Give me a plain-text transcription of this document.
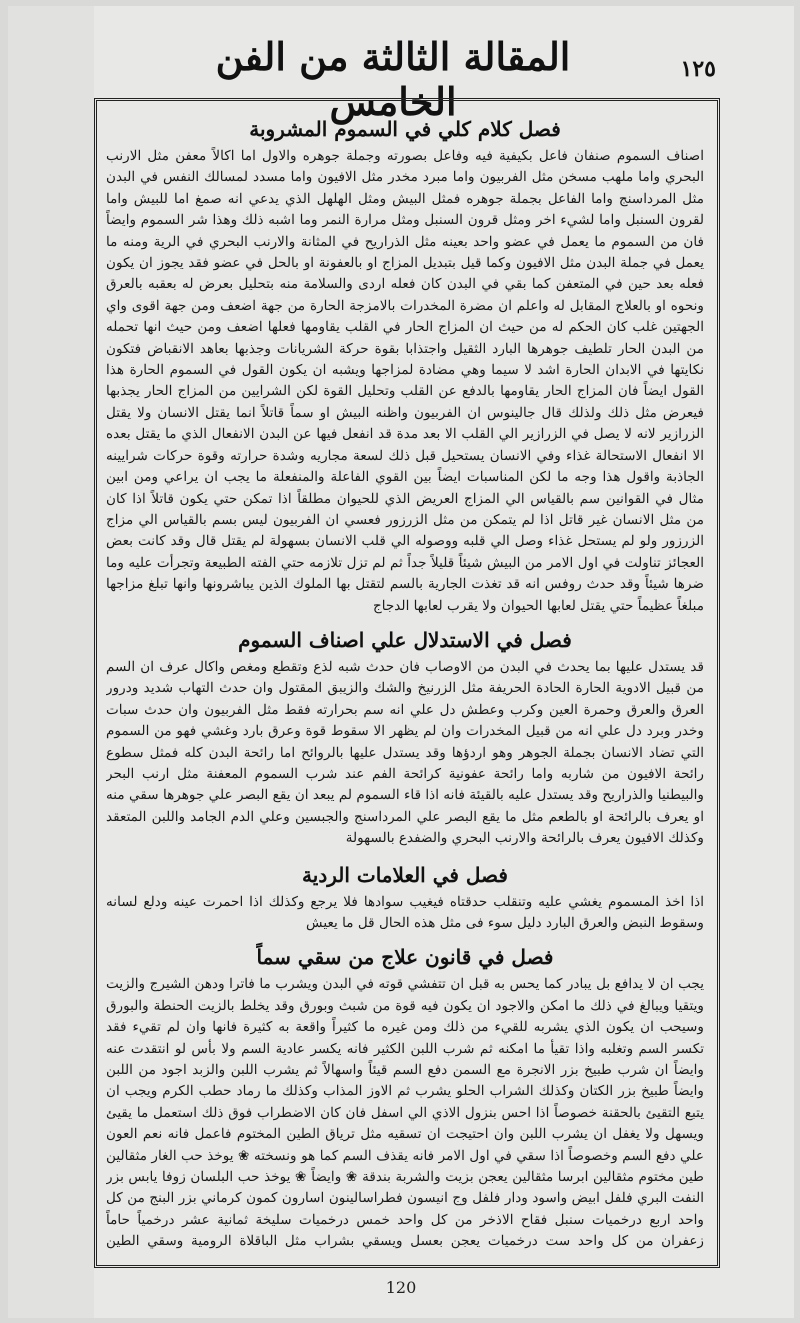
المقالة الثالثة من الفن الخامس
١٢٥
فصل كلام كلي في السموم المشروبة

اصناف السموم صنفان فاعل بكيفية فيه وفاعل بصورته وجملة جوهره والاول اما اكالاً معفن مثل الارنب البحري واما ملهب مسخن مثل الفربيون واما مبرد مخدر مثل الافيون واما مسدد لمسالك النفس في البدن مثل المرداسنج واما الفاعل بجملة جوهره فمثل البيش ومثل الهلهل الذي يدعي انه صمغ اما للبيش واما لقرون السنبل واما لشيء اخر ومثل قرون السنبل ومثل مرارة النمر وما اشبه ذلك وهذا شر السموم وايضاً فان من السموم ما يعمل في عضو واحد بعينه مثل الذراريح في المثانة والارنب البحري في الرية ومنه ما يعمل في جملة البدن مثل الافيون وكما قيل بتبديل المزاج او بالعفونة او بالحل في عضو فقد يجوز ان يكون فعله بعد حين في المتعفن كما بقي في البدن كان فعله اردى والسلامة منه بتحليل بعرض له بعقبه بالعرق ونحوه او بالعلاج المقابل له واعلم ان مضرة المخدرات بالامزجة الحارة من جهة اضعف ومن جهة اقوى واي الجهتين غلب كان الحكم له من حيث ان المزاج الحار في القلب يقاومها فعلها اضعف ومن حيث انها تحمله من البدن الحار تلطيف جوهرها البارد الثقيل واجتذابا بقوة حركة الشريانات وجذبها بعاهد الانقباض فتكون نكايتها في الابدان الحارة اشد لا سيما وهي مضادة لمزاجها ويشبه ان يكون القول في السموم الحارة هذا القول ايضاً فان المزاج الحار يقاومها بالدفع عن القلب وتحليل القوة لكن الشرايين من المزاج الحار يجذبها فيعرض مثل ذلك ولذلك قال جالينوس ان الفربيون واظنه البيش او سماً قاتلاً انما يقتل الانسان ولا يقتل الزرازير لانه لا يصل في الزرازير الي القلب الا بعد مدة قد انفعل فيها عن البدن الانفعال الذي ما يقتل بعده الا انفعال الاستحالة غذاء وفي الانسان يستحيل قبل ذلك لسعة مجاريه وشدة حرارته وقوة حركات شرايينه الجاذبة واقول هذا وجه ما لكن المناسبات ايضاً بين القوي الفاعلة والمنفعلة ما يجب ان يراعي ومن ابين مثال في القوانين سم بالقياس الي المزاج العريض الذي للحيوان مطلقاً اذا تمكن حتي يكون قاتلاً اذا كان من مثل الانسان غير قاتل اذا لم يتمكن من مثل الزرزور فعسي ان الفربيون ليس بسم بالقياس الي مزاج الزرزور ولو لم يستحل غذاء وصل الي قلبه ووصوله الي قلب الانسان بسهولة لم يقتل قال وقد كانت بعض العجائز تناولت في اول الامر من البيش شيئاً قليلاً جداً ثم لم تزل تلازمه حتي الفته الطبيعة وتجرأت عليه وما ضرها شيئاً وقد حدث روفس انه قد تغذت الجارية بالسم لتقتل بها الملوك الذين يباشرونها وانها تبلغ مزاجها مبلغاً عظيماً حتي يقتل لعابها الحيوان ولا يقرب لعابها الدجاج

فصل في الاستدلال علي اصناف السموم

قد يستدل عليها بما يحدث في البدن من الاوصاب فان حدث شبه لذع وتقطع ومغص واكال عرف ان السم من قبيل الادوية الحارة الحادة الحريفة مثل الزرنيخ والشك والزيبق المقتول وان حدث التهاب شديد ودرور العرق والعرق وحمرة العين وكرب وعطش دل علي انه سم بحرارته فقط مثل الفربيون وان حدث سبات وخدر وبرد دل علي انه من قبيل المخدرات وان لم يظهر الا سقوط قوة وعرق بارد وغشي فهو من السموم التي تضاد الانسان بجملة الجوهر وهو اردؤها وقد يستدل عليها بالروائح اما رائحة البدن كله فمثل سطوع رائحة الافيون من شاربه واما رائحة عفونية كرائحة الفم عند شرب السموم المعفنة مثل ارنب البحر والبيطنيا والذراريح وقد يستدل عليه بالقيئة فانه اذا قاء السموم لم يبعد ان يقع البصر علي جوهرها سقي منه او يعرف بالرائحة او بالطعم مثل ما يقع البصر علي المرداسنج والجبسين وعلي الدم الجامد واللبن المتعقد وكذلك الافيون يعرف بالرائحة والارنب البحري والضفدع بالسهولة

فصل في العلامات الردية

اذا اخذ المسموم يغشي عليه وتنقلب حدقتاه فيغيب سوادها فلا يرجع وكذلك اذا احمرت عينه ودلع لسانه وسقوط النبض والعرق البارد دليل سوء فى مثل هذه الحال قل ما يعيش

فصل في قانون علاج من سقي سماً

يجب ان لا يدافع بل يبادر كما يحس به قبل ان تتفشي قوته في البدن ويشرب ما فاترا ودهن الشيرج والزيت ويتقيا ويبالغ في ذلك ما امكن والاجود ان يكون فيه قوة من شبث وبورق وقد يخلط بالزيت الحنطة والبورق وسيحب ان يكون الذي يشربه للقيء من ذلك ومن غيره ما كثيراً واقعة به كثيرة فانها وان لم تقيء فقد تكسر السم وتغلبه واذا تقيأ ما امكنه ثم شرب اللبن الكثير فانه يكسر عادية السم ولا بأس لو انتقدت عنه وايضاً ان شرب طبيخ بزر الانجرة مع السمن دفع السم قيئاً واسهالاً ثم يشرب اللبن والزبد اجود من اللبن وايضاً طبيخ بزر الكتان وكذلك الشراب الحلو يشرب ثم الاوز المذاب وكذلك ما رماد حطب الكرم ويجب ان يتبع التقيئ بالحقنة خصوصاً اذا احس بنزول الاذي الي اسفل فان كان الاضطراب فوق ذلك استعمل ما يقيئ ويسهل ولا يغفل ان يشرب اللبن وان احتيجت ان تسقيه مثل ترياق الطين المختوم فاعمل فانه نعم العون علي دفع السم وخصوصاً اذا سقي في اول الامر فانه يقذف السم كما هو ونسخته ❀ يوخذ حب الغار مثقالين طين مختوم مثقالين ابرسا مثقالين يعجن بزيت والشربة بندقة ❀ وايضاً ❀ يوخذ حب البلسان زوفا يابس بزر النفت البري فلفل ابيض واسود ودار فلفل وج انيسون فطراسالينون اسارون كمون كرماني بزر البنج من كل واحد اربع درخميات سنبل فقاح الاذخر من كل واحد خمس درخميات سليخة ثمانية عشر درخمياً حاماً زعفران من كل واحد ست درخميات يعجن بعسل ويسقي بشراب مثل الباقلاة الرومية وسقي الطين

120
